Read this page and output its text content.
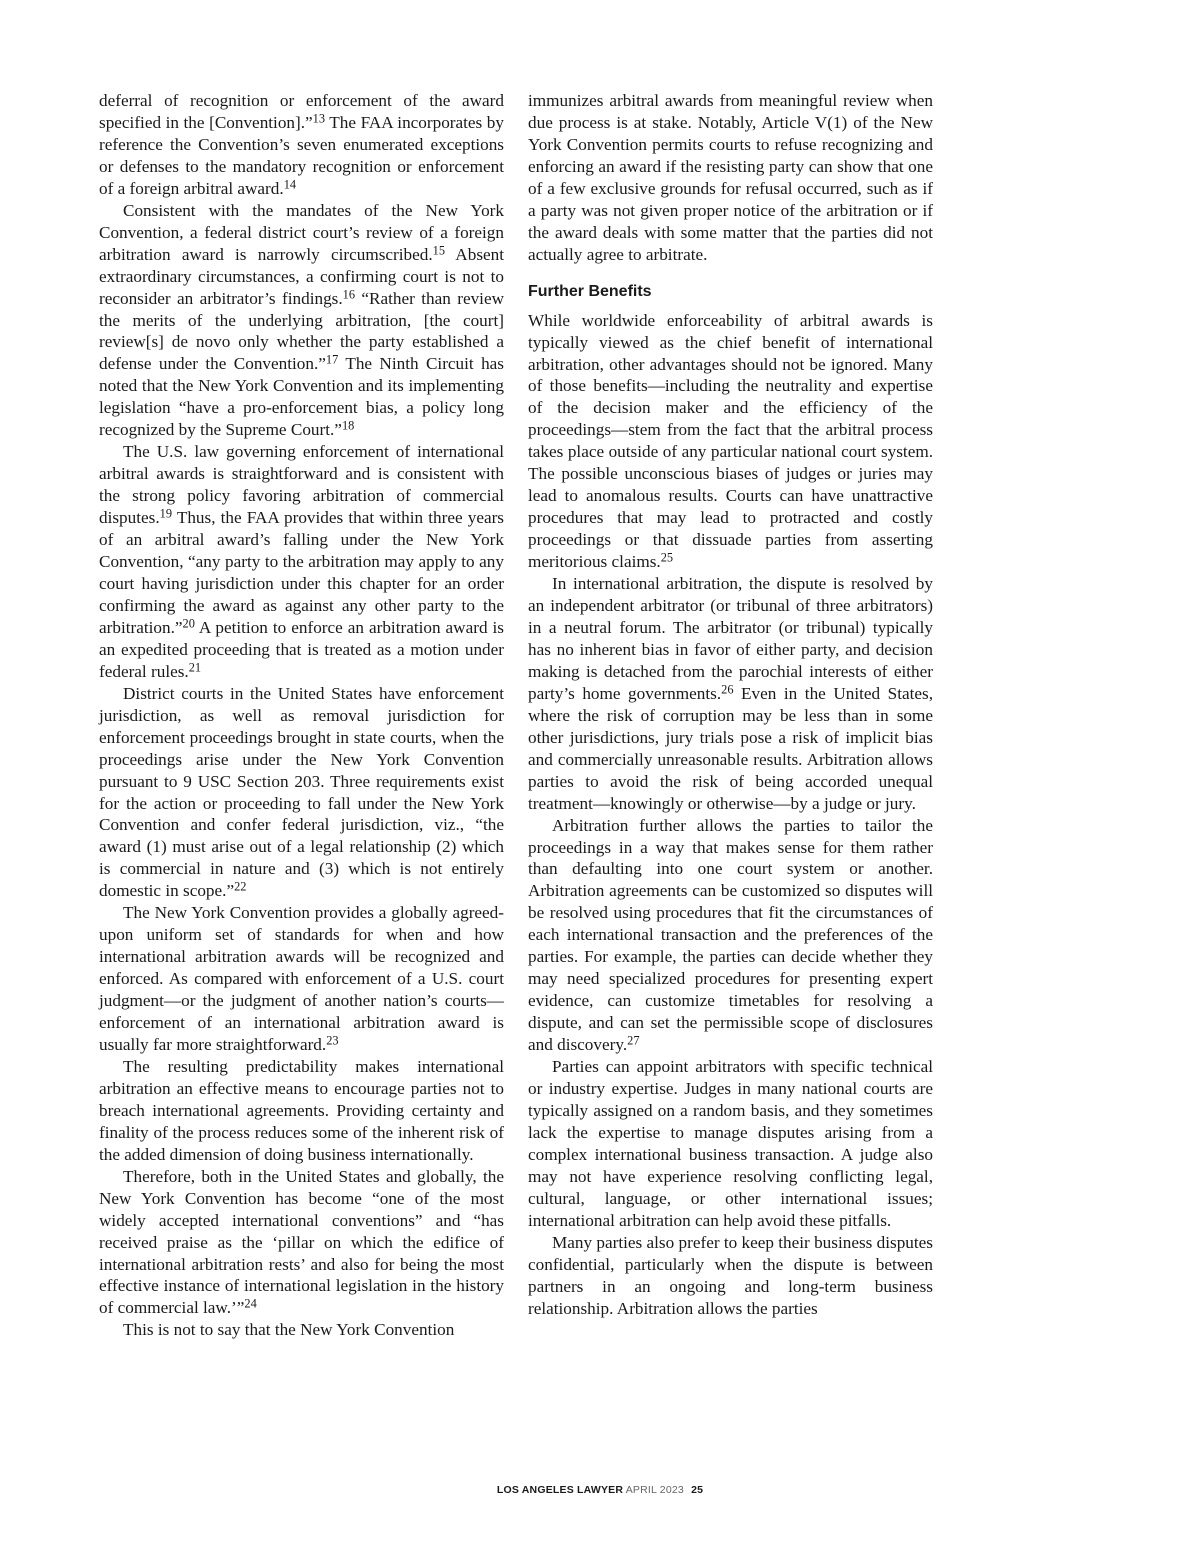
deferral of recognition or enforcement of the award specified in the [Convention].”$^{13}$ The FAA incorporates by reference the Convention’s seven enumerated exceptions or defenses to the mandatory recognition or enforcement of a foreign arbitral award.$^{14}$

Consistent with the mandates of the New York Convention, a federal district court’s review of a foreign arbitration award is narrowly circumscribed.$^{15}$ Absent extraordinary circumstances, a confirming court is not to reconsider an arbitrator’s findings.$^{16}$ “Rather than review the merits of the underlying arbitration, [the court] review[s] de novo only whether the party established a defense under the Convention.”$^{17}$ The Ninth Circuit has noted that the New York Convention and its implementing legislation “have a pro-enforcement bias, a policy long recognized by the Supreme Court.”$^{18}$

The U.S. law governing enforcement of international arbitral awards is straightforward and is consistent with the strong policy favoring arbitration of commercial disputes.$^{19}$ Thus, the FAA provides that within three years of an arbitral award’s falling under the New York Convention, “any party to the arbitration may apply to any court having jurisdiction under this chapter for an order confirming the award as against any other party to the arbitration.”$^{20}$ A petition to enforce an arbitration award is an expedited proceeding that is treated as a motion under federal rules.$^{21}$

District courts in the United States have enforcement jurisdiction, as well as removal jurisdiction for enforcement proceedings brought in state courts, when the proceedings arise under the New York Convention pursuant to 9 USC Section 203. Three requirements exist for the action or proceeding to fall under the New York Convention and confer federal jurisdiction, viz., “the award (1) must arise out of a legal relationship (2) which is commercial in nature and (3) which is not entirely domestic in scope.”$^{22}$

The New York Convention provides a globally agreed-upon uniform set of standards for when and how international arbitration awards will be recognized and enforced. As compared with enforcement of a U.S. court judgment—or the judgment of another nation’s courts—enforcement of an international arbitration award is usually far more straightforward.$^{23}$

The resulting predictability makes international arbitration an effective means to encourage parties not to breach international agreements. Providing certainty and finality of the process reduces some of the inherent risk of the added dimension of doing business internationally.

Therefore, both in the United States and globally, the New York Convention has become “one of the most widely accepted international conventions” and “has received praise as the ‘pillar on which the edifice of international arbitration rests’ and also for being the most effective instance of international legislation in the history of commercial law.’”$^{24}$

This is not to say that the New York Convention

immunizes arbitral awards from meaningful review when due process is at stake. Notably, Article V(1) of the New York Convention permits courts to refuse recognizing and enforcing an award if the resisting party can show that one of a few exclusive grounds for refusal occurred, such as if a party was not given proper notice of the arbitration or if the award deals with some matter that the parties did not actually agree to arbitrate.

Further Benefits

While worldwide enforceability of arbitral awards is typically viewed as the chief benefit of international arbitration, other advantages should not be ignored. Many of those benefits—including the neutrality and expertise of the decision maker and the efficiency of the proceedings—stem from the fact that the arbitral process takes place outside of any particular national court system. The possible unconscious biases of judges or juries may lead to anomalous results. Courts can have unattractive procedures that may lead to protracted and costly proceedings or that dissuade parties from asserting meritorious claims.$^{25}$

In international arbitration, the dispute is resolved by an independent arbitrator (or tribunal of three arbitrators) in a neutral forum. The arbitrator (or tribunal) typically has no inherent bias in favor of either party, and decision making is detached from the parochial interests of either party’s home governments.$^{26}$ Even in the United States, where the risk of corruption may be less than in some other jurisdictions, jury trials pose a risk of implicit bias and commercially unreasonable results. Arbitration allows parties to avoid the risk of being accorded unequal treatment—knowingly or otherwise—by a judge or jury.

Arbitration further allows the parties to tailor the proceedings in a way that makes sense for them rather than defaulting into one court system or another. Arbitration agreements can be customized so disputes will be resolved using procedures that fit the circumstances of each international transaction and the preferences of the parties. For example, the parties can decide whether they may need specialized procedures for presenting expert evidence, can customize timetables for resolving a dispute, and can set the permissible scope of disclosures and discovery.$^{27}$

Parties can appoint arbitrators with specific technical or industry expertise. Judges in many national courts are typically assigned on a random basis, and they sometimes lack the expertise to manage disputes arising from a complex international business transaction. A judge also may not have experience resolving conflicting legal, cultural, language, or other international issues; international arbitration can help avoid these pitfalls.

Many parties also prefer to keep their business disputes confidential, particularly when the dispute is between partners in an ongoing and long-term business relationship. Arbitration allows the parties

LOS ANGELES LAWYER APRIL 2023 25
